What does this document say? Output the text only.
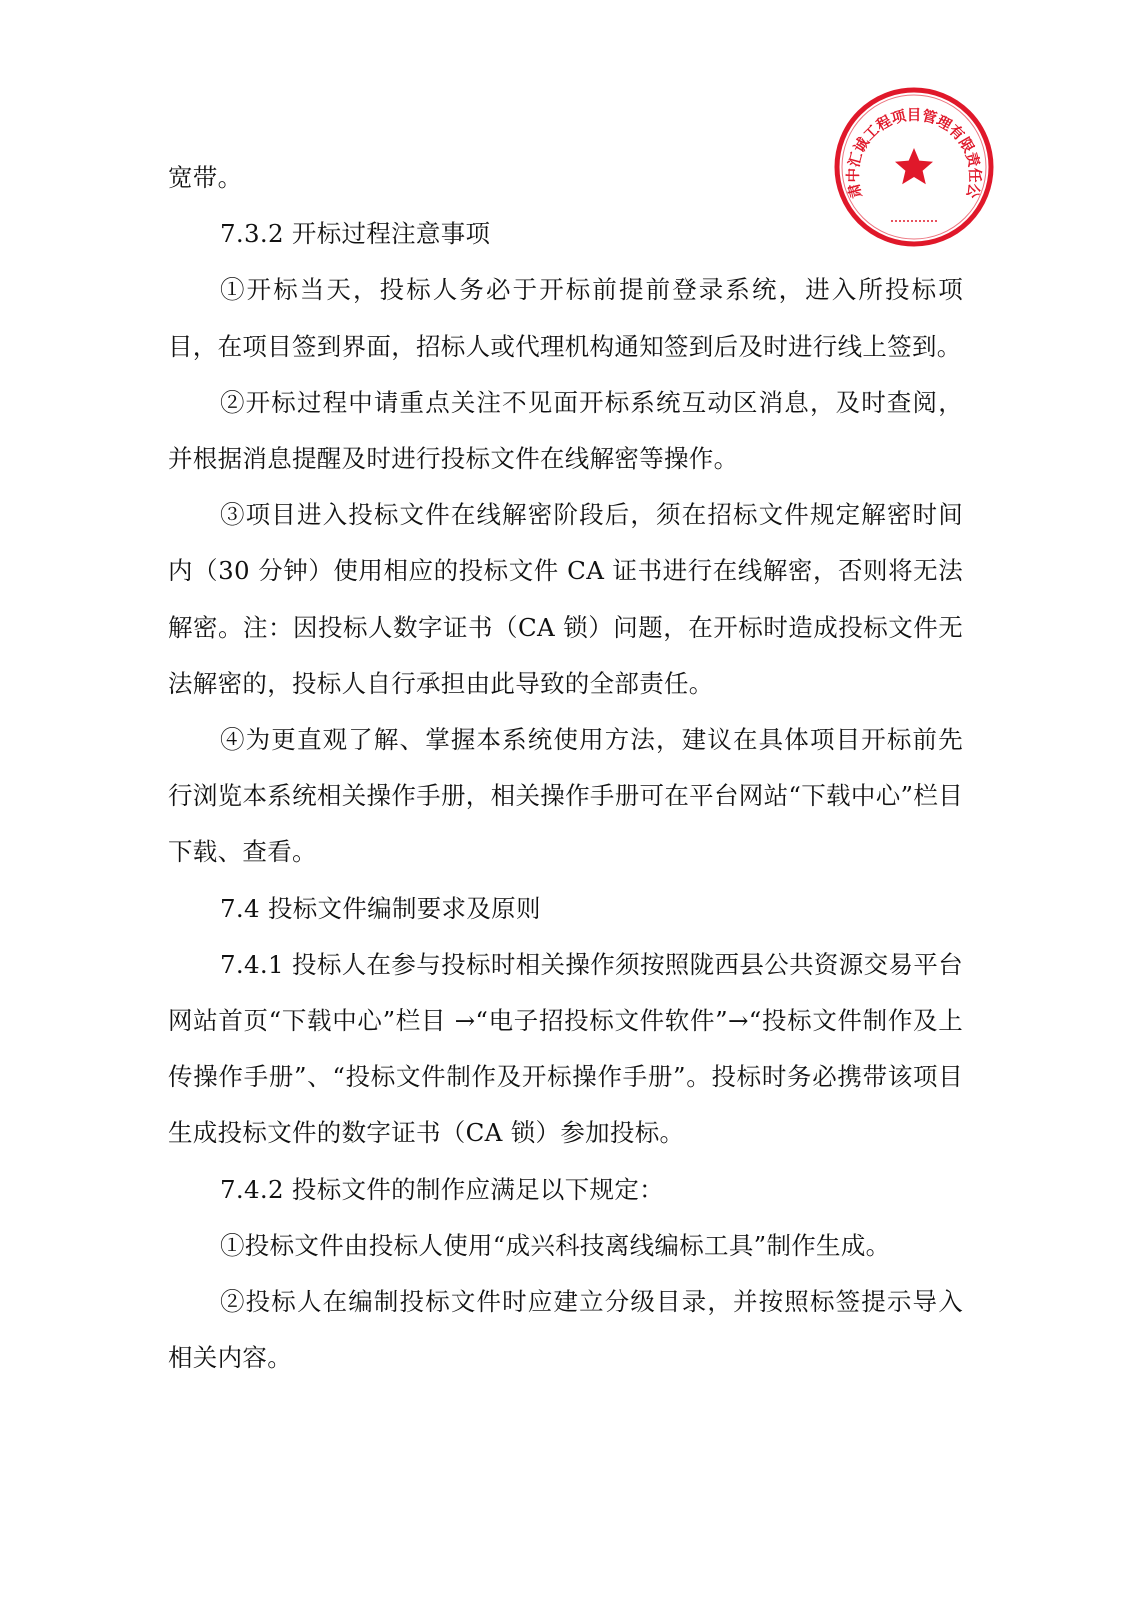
宽带。

7.3.2 开标过程注意事项

①开标当天，投标人务必于开标前提前登录系统，进入所投标项目，在项目签到界面，招标人或代理机构通知签到后及时进行线上签到。

②开标过程中请重点关注不见面开标系统互动区消息，及时查阅，并根据消息提醒及时进行投标文件在线解密等操作。

③项目进入投标文件在线解密阶段后，须在招标文件规定解密时间内（30 分钟）使用相应的投标文件 CA 证书进行在线解密，否则将无法解密。注：因投标人数字证书（CA 锁）问题，在开标时造成投标文件无法解密的，投标人自行承担由此导致的全部责任。

④为更直观了解、掌握本系统使用方法，建议在具体项目开标前先行浏览本系统相关操作手册，相关操作手册可在平台网站“下载中心”栏目下载、查看。

7.4 投标文件编制要求及原则

7.4.1 投标人在参与投标时相关操作须按照陇西县公共资源交易平台网站首页“下载中心”栏目 →“电子招投标文件软件”→“投标文件制作及上传操作手册”、“投标文件制作及开标操作手册”。投标时务必携带该项目生成投标文件的数字证书（CA 锁）参加投标。

7.4.2 投标文件的制作应满足以下规定：

①投标文件由投标人使用“成兴科技离线编标工具”制作生成。

②投标人在编制投标文件时应建立分级目录，并按照标签提示导入相关内容。

肃中汇诚工程项目管理有限责任公
